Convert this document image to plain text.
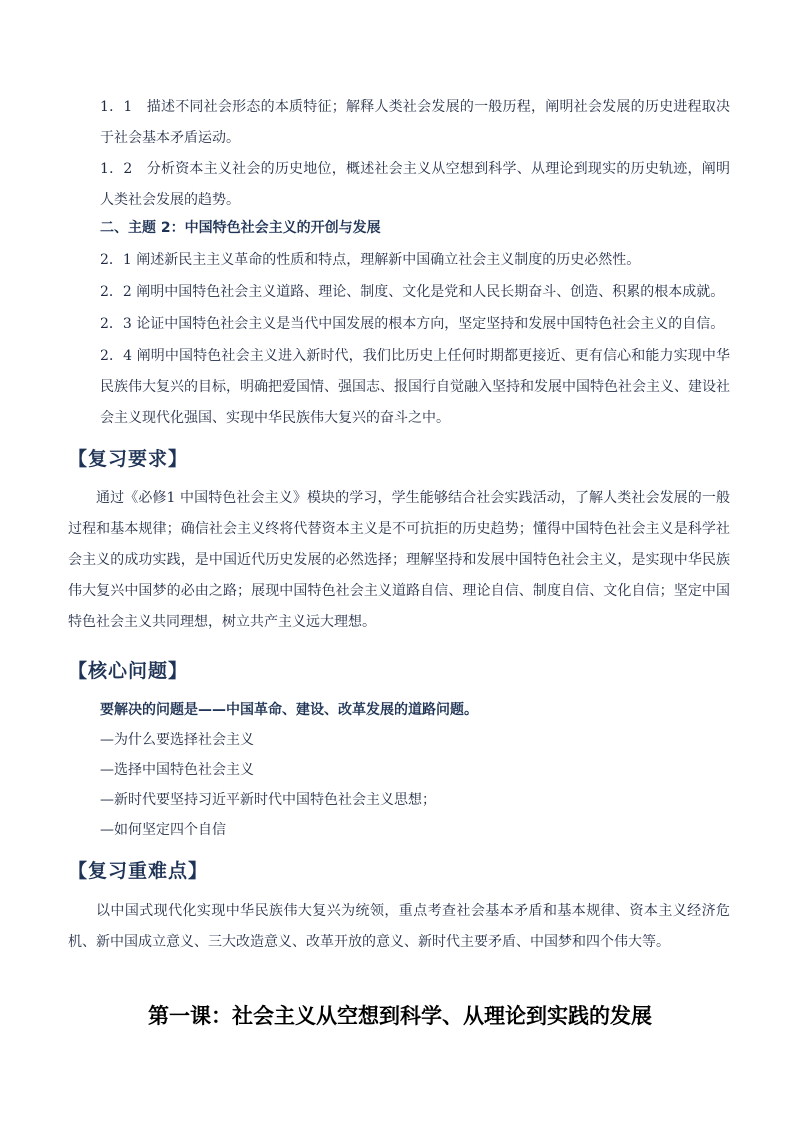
1．1　描述不同社会形态的本质特征；解释人类社会发展的一般历程，阐明社会发展的历史进程取决于社会基本矛盾运动。
1．2　分析资本主义社会的历史地位，概述社会主义从空想到科学、从理论到现实的历史轨迹，阐明人类社会发展的趋势。
二、主题 2：中国特色社会主义的开创与发展
2．1 阐述新民主主义革命的性质和特点，理解新中国确立社会主义制度的历史必然性。
2．2 阐明中国特色社会主义道路、理论、制度、文化是党和人民长期奋斗、创造、积累的根本成就。
2．3 论证中国特色社会主义是当代中国发展的根本方向，坚定坚持和发展中国特色社会主义的自信。
2．4 阐明中国特色社会主义进入新时代，我们比历史上任何时期都更接近、更有信心和能力实现中华民族伟大复兴的目标，明确把爱国情、强国志、报国行自觉融入坚持和发展中国特色社会主义、建设社会主义现代化强国、实现中华民族伟大复兴的奋斗之中。
【复习要求】
通过《必修1 中国特色社会主义》模块的学习，学生能够结合社会实践活动，了解人类社会发展的一般过程和基本规律；确信社会主义终将代替资本主义是不可抗拒的历史趋势；懂得中国特色社会主义是科学社会主义的成功实践，是中国近代历史发展的必然选择；理解坚持和发展中国特色社会主义，是实现中华民族伟大复兴中国梦的必由之路；展现中国特色社会主义道路自信、理论自信、制度自信、文化自信；坚定中国特色社会主义共同理想，树立共产主义远大理想。
【核心问题】
要解决的问题是——中国革命、建设、改革发展的道路问题。
—为什么要选择社会主义
—选择中国特色社会主义
—新时代要坚持习近平新时代中国特色社会主义思想；
—如何坚定四个自信
【复习重难点】
以中国式现代化实现中华民族伟大复兴为统领，重点考查社会基本矛盾和基本规律、资本主义经济危机、新中国成立意义、三大改造意义、改革开放的意义、新时代主要矛盾、中国梦和四个伟大等。
第一课：社会主义从空想到科学、从理论到实践的发展
